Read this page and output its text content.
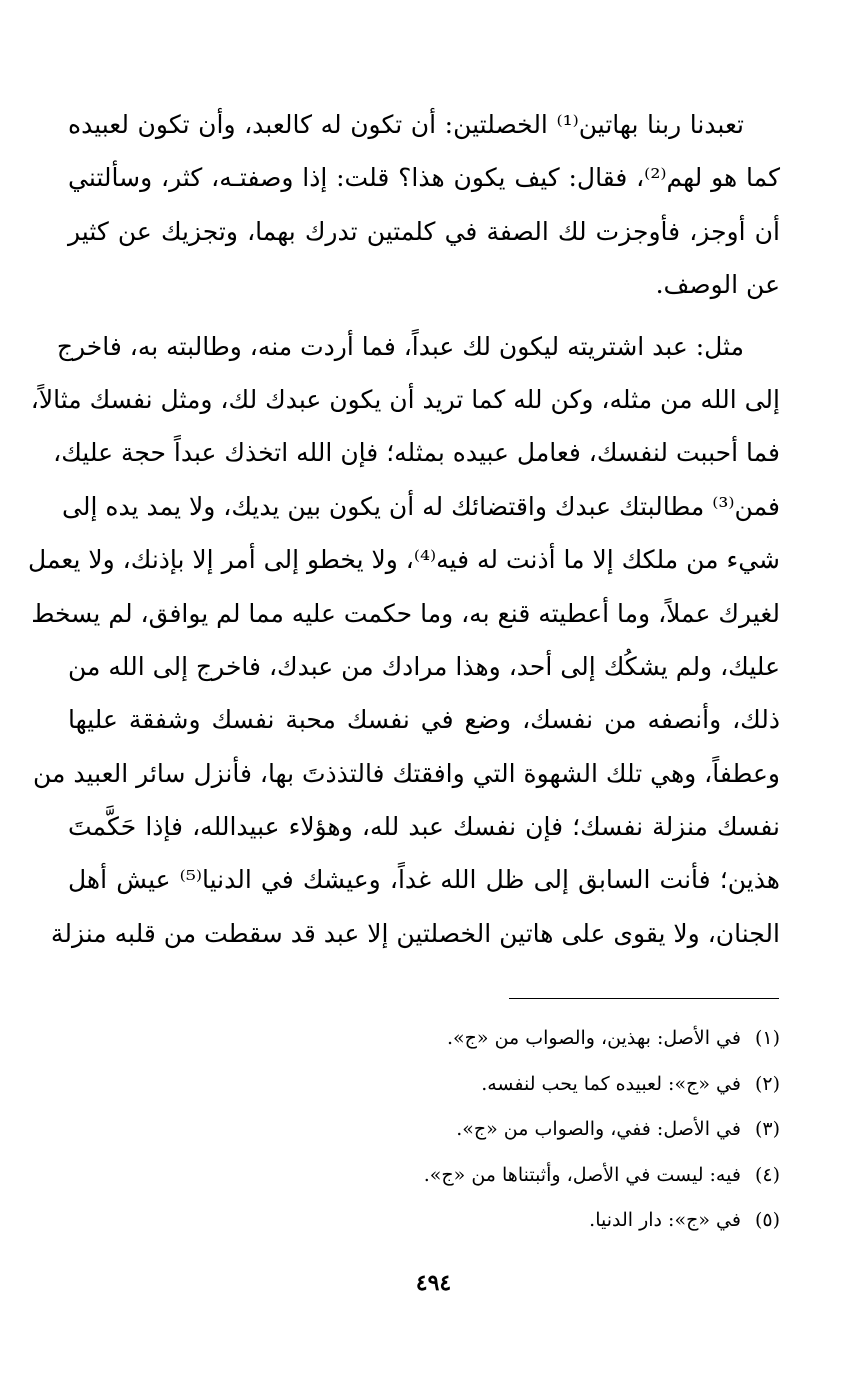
تعبدنا ربنا بهاتين⁽¹⁾ الخصلتين: أن تكون له كالعبد، وأن تكون لعبيده
كما هو لهم⁽²⁾، فقال: كيف يكون هذا؟ قلت: إذا وصفتـه، كثر، وسألتني
أن أوجز، فأوجزت لك الصفة في كلمتين تدرك بهما، وتجزيك عن كثير
عن الوصف.
مثل: عبد اشتريته ليكون لك عبداً، فما أردت منه، وطالبته به، فاخرج
إلى الله من مثله، وكن لله كما تريد أن يكون عبدك لك، ومثل نفسك مثالاً،
فما أحببت لنفسك، فعامل عبيده بمثله؛ فإن الله اتخذك عبداً حجة عليك،
فمن⁽³⁾ مطالبتك عبدك واقتضائك له أن يكون بين يديك، ولا يمد يده إلى
شيء من ملكك إلا ما أذنت له فيه⁽⁴⁾، ولا يخطو إلى أمر إلا بإذنك، ولا يعمل
لغيرك عملاً، وما أعطيته قنع به، وما حكمت عليه مما لم يوافق، لم يسخط
عليك، ولم يشكُك إلى أحد، وهذا مرادك من عبدك، فاخرج إلى الله من
ذلك، وأنصفه من نفسك، وضع في نفسك محبة نفسك وشفقة عليها
وعطفاً، وهي تلك الشهوة التي وافقتك فالتذذتَ بها، فأنزل سائر العبيد من
نفسك منزلة نفسك؛ فإن نفسك عبد لله، وهؤلاء عبيدالله، فإذا حَكَّمتَ
هذين؛ فأنت السابق إلى ظل الله غداً، وعيشك في الدنيا⁽⁵⁾ عيش أهل
الجنان، ولا يقوى على هاتين الخصلتين إلا عبد قد سقطت من قلبه منزلة
(١)في الأصل: بهذين، والصواب من «ج».
(٢)في «ج»: لعبيده كما يحب لنفسه.
(٣)في الأصل: ففي، والصواب من «ج».
(٤)فيه: ليست في الأصل، وأثبتناها من «ج».
(٥)في «ج»: دار الدنيا.
٤٩٤
